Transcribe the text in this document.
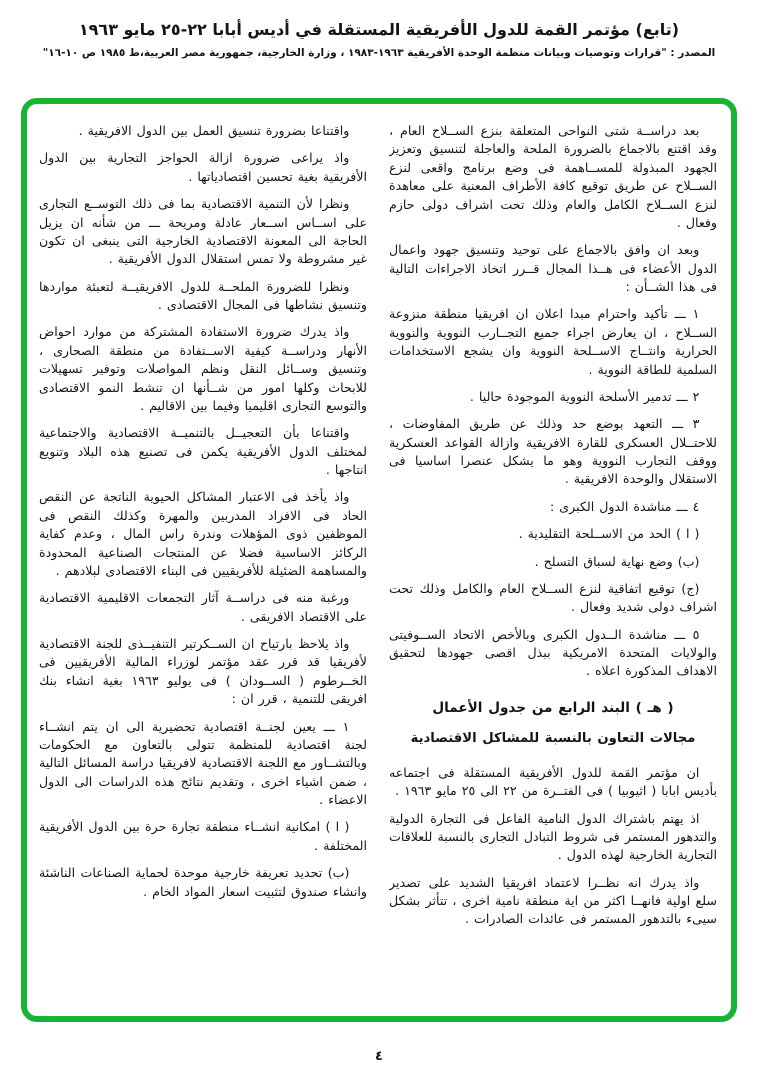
(تابع) مؤتمر القمة للدول الأفريقية المستقلة في أديس أبابا ٢٢-٢٥ مايو ١٩٦٣
المصدر : "قرارات وتوصيات وبيانات منظمة الوحدة الأفريقية ١٩٦٣-١٩٨٣ ، وزارة الخارجية، جمهورية مصر العربية،ط ١٩٨٥ ص ١٠-١٦"

بعد دراســة شتى النواحى المتعلقة بنزع الســلاح العام ، وقد اقتنع بالاجماع بالضرورة الملحة والعاجلة لتنسيق وتعزيز الجهود المبذولة للمســاهمة فى وضع برنامج واقعى لنزع الســلاح عن طريق توقيع كافة الأطراف المعنية على معاهدة لنزع الســلاح الكامل والعام وذلك تحت اشراف دولى حازم وفعال .

وبعد ان وافق بالاجماع على توحيد وتنسيق جهود واعمال الدول الأعضاء فى هــذا المجال قــرر اتخاذ الاجراءات التالية فى هذا الشــأن :

١ ـــ تأكيد واحترام مبدا اعلان ان افريقيا منطقة منزوعة الســلاح ، ان يعارض اجراء جميع التجــارب النووية والنووية الحرارية وانتــاج الاســلحة النووية وان يشجع الاستخدامات السلمية للطاقة النووية .

٢ ـــ تدمير الأسلحة النووية الموجودة حاليا .

٣ ـــ التعهد بوضع حد وذلك عن طريق المفاوضات ، للاحتــلال العسكرى للقارة الافريقية وازالة القواعد العسكرية ووقف التجارب النووية وهو ما يشكل عنصرا اساسيا فى الاستقلال والوحدة الافريقية .

٤ ـــ مناشدة الدول الكبرى :

( ا ) الحد من الاســلحة التقليدية .

(ب) وضع نهاية لسباق التسلح .

(ج) توقيع اتفاقية لنزع الســلاح العام والكامل وذلك تحت اشراف دولى شديد وفعال .

٥ ـــ مناشدة الــدول الكبرى وبالأخص الاتحاد الســوفيتى والولايات المتحدة الامريكية ببذل اقصى جهودها لتحقيق الاهداف المذكورة اعلاه .

( هـ ) البند الرابع من جدول الأعمال

مجالات التعاون بالنسبة للمشاكل الاقتصادية

ان مؤتمر القمة للدول الأفريقية المستقلة فى اجتماعه بأديس ابابا ( اثيوبيا ) فى الفتــرة من ٢٢ الى ٢٥ مايو ١٩٦٣ .

اذ يهتم باشتراك الدول النامية الفاعل فى التجارة الدولية والتدهور المستمر فى شروط التبادل التجارى بالنسبة للعلاقات التجارية الخارجية لهذه الدول .

واذ يدرك انه نظــرا لاعتماد افريقيا الشديد على تصدير سلع اولية فانهــا اكثر من اية منطقة نامية اخرى ، تتأثر بشكل سيىء بالتدهور المستمر فى عائدات الصادرات .

واقتناعا بضرورة تنسيق العمل بين الدول الافريقية .

واذ يراعى ضرورة ازالة الحواجز التجارية بين الدول الأفريقية بغية تحسين اقتصادياتها .

ونظرا لأن التنمية الاقتصادية بما فى ذلك التوســع التجارى على اســاس اســعار عادلة ومريحة ـــ من شأنه ان يزيل الحاجة الى المعونة الاقتصادية الخارجية التى ينبغى ان تكون غير مشروطة ولا تمس استقلال الدول الأفريقية .

ونظرا للضرورة الملحــة للدول الافريقيــة لتعبئة مواردها وتنسيق نشاطها فى المجال الاقتصادى .

واذ يدرك ضرورة الاستفادة المشتركة من موارد احواض الأنهار ودراســة كيفية الاســتفادة من منطقة الصحارى ، وتنسيق وســائل النقل ونظم المواصلات وتوفير تسهيلات للابحاث وكلها امور من شــأنها ان تنشط النمو الاقتصادى والتوسع التجارى اقليميا وفيما بين الاقاليم .

واقتناعا بأن التعجيــل بالتنميــة الاقتصادية والاجتماعية لمختلف الدول الأفريقية يكمن فى تصنيع هذه البلاد وتنويع انتاجها .

واذ يأخذ فى الاعتبار المشاكل الحيوية الناتجة عن النقص الحاد فى الافراد المدربين والمهرة وكذلك النقص فى الموظفين ذوى المؤهلات وندرة راس المال ، وعدم كفاية الركائز الاساسية فضلا عن المنتجات الصناعية المحدودة والمساهمة الضئيلة للأفريقيين فى البناء الاقتصادى لبلادهم .

ورغبة منه فى دراســة آثار التجمعات الاقليمية الاقتصادية على الاقتصاد الافريقى .

واذ يلاحظ بارتياح ان الســكرتير التنفيــذى للجنة الاقتصادية لأفريقيا قد قرر عقد مؤتمر لوزراء المالية الأفريقيين فى الخــرطوم ( الســودان ) فى يوليو ١٩٦٣ بغية انشاء بنك افريقى للتنمية ، قرر ان :

١ ـــ يعين لجنــة اقتصادية تحضيرية الى ان يتم انشــاء لجنة اقتصادية للمنظمة تتولى بالتعاون مع الحكومات وبالتشــاور مع اللجنة الاقتصادية لافريقيا دراسة المسائل التالية ، ضمن اشياء اخرى ، وتقديم نتائج هذه الدراسات الى الدول الاعضاء .

( ا ) امكانية انشــاء منطقة تجارة حرة بين الدول الأفريقية المختلفة .

(ب) تحديد تعريفة خارجية موحدة لحماية الصناعات الناشئة وانشاء صندوق لتثبيت اسعار المواد الخام .

٤
